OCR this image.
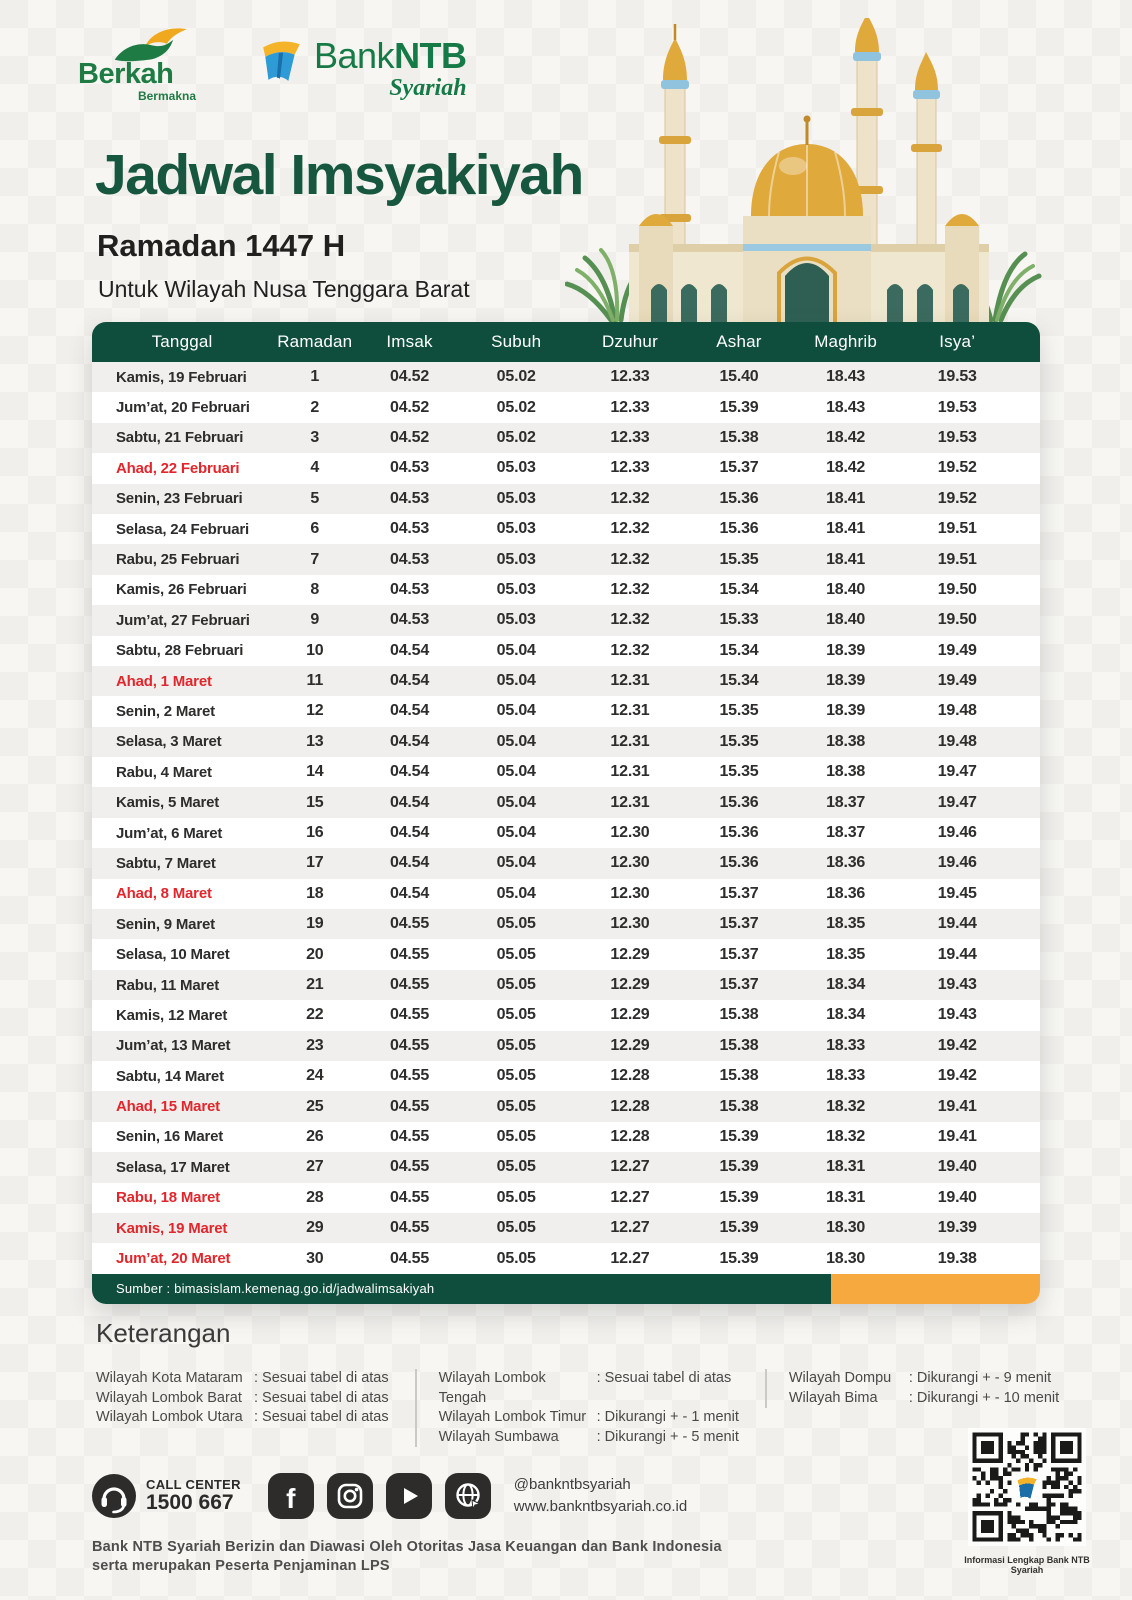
Berkah
Bermakna
BankNTB
Syariah
Jadwal Imsyakiyah
Ramadan 1447 H
Untuk Wilayah Nusa Tenggara Barat
Tanggal	Ramadan	Imsak	Subuh	Dzuhur	Ashar	Maghrib	Isya’
Kamis, 19 Februari	1	04.52	05.02	12.33	15.40	18.43	19.53
Jum’at, 20 Februari	2	04.52	05.02	12.33	15.39	18.43	19.53
Sabtu, 21 Februari	3	04.52	05.02	12.33	15.38	18.42	19.53
Ahad, 22 Februari	4	04.53	05.03	12.33	15.37	18.42	19.52
Senin, 23 Februari	5	04.53	05.03	12.32	15.36	18.41	19.52
Selasa, 24 Februari	6	04.53	05.03	12.32	15.36	18.41	19.51
Rabu, 25 Februari	7	04.53	05.03	12.32	15.35	18.41	19.51
Kamis, 26 Februari	8	04.53	05.03	12.32	15.34	18.40	19.50
Jum’at, 27 Februari	9	04.53	05.03	12.32	15.33	18.40	19.50
Sabtu, 28 Februari	10	04.54	05.04	12.32	15.34	18.39	19.49
Ahad, 1 Maret	11	04.54	05.04	12.31	15.34	18.39	19.49
Senin, 2 Maret	12	04.54	05.04	12.31	15.35	18.39	19.48
Selasa, 3 Maret	13	04.54	05.04	12.31	15.35	18.38	19.48
Rabu, 4 Maret	14	04.54	05.04	12.31	15.35	18.38	19.47
Kamis, 5 Maret	15	04.54	05.04	12.31	15.36	18.37	19.47
Jum’at, 6 Maret	16	04.54	05.04	12.30	15.36	18.37	19.46
Sabtu, 7 Maret	17	04.54	05.04	12.30	15.36	18.36	19.46
Ahad, 8 Maret	18	04.54	05.04	12.30	15.37	18.36	19.45
Senin, 9 Maret	19	04.55	05.05	12.30	15.37	18.35	19.44
Selasa, 10 Maret	20	04.55	05.05	12.29	15.37	18.35	19.44
Rabu, 11 Maret	21	04.55	05.05	12.29	15.37	18.34	19.43
Kamis, 12 Maret	22	04.55	05.05	12.29	15.38	18.34	19.43
Jum’at, 13 Maret	23	04.55	05.05	12.29	15.38	18.33	19.42
Sabtu, 14 Maret	24	04.55	05.05	12.28	15.38	18.33	19.42
Ahad, 15 Maret	25	04.55	05.05	12.28	15.38	18.32	19.41
Senin, 16 Maret	26	04.55	05.05	12.28	15.39	18.32	19.41
Selasa, 17 Maret	27	04.55	05.05	12.27	15.39	18.31	19.40
Rabu, 18 Maret	28	04.55	05.05	12.27	15.39	18.31	19.40
Kamis, 19 Maret	29	04.55	05.05	12.27	15.39	18.30	19.39
Jum’at, 20 Maret	30	04.55	05.05	12.27	15.39	18.30	19.38
Sumber : bimasislam.kemenag.go.id/jadwalimsakiyah
Keterangan
Wilayah Kota Mataram : Sesuai tabel di atas
Wilayah Lombok Barat : Sesuai tabel di atas
Wilayah Lombok Utara : Sesuai tabel di atas
Wilayah Lombok Tengah
: Sesuai tabel di atas
Wilayah Lombok Timur : Dikurangi + - 1 menit
Wilayah Sumbawa	: Dikurangi + - 5 menit
Wilayah Dompu	: Dikurangi + - 9 menit
Wilayah Bima	: Dikurangi + - 10 menit
CALL CENTER
1500 667 f	@bankntbsyariah
www.bankntbsyariah.co.id
Bank NTB Syariah Berizin dan Diawasi Oleh Otoritas Jasa Keuangan dan Bank Indonesia
serta merupakan Peserta Penjaminan LPS	Informasi Lengkap Bank NTB Syariah
